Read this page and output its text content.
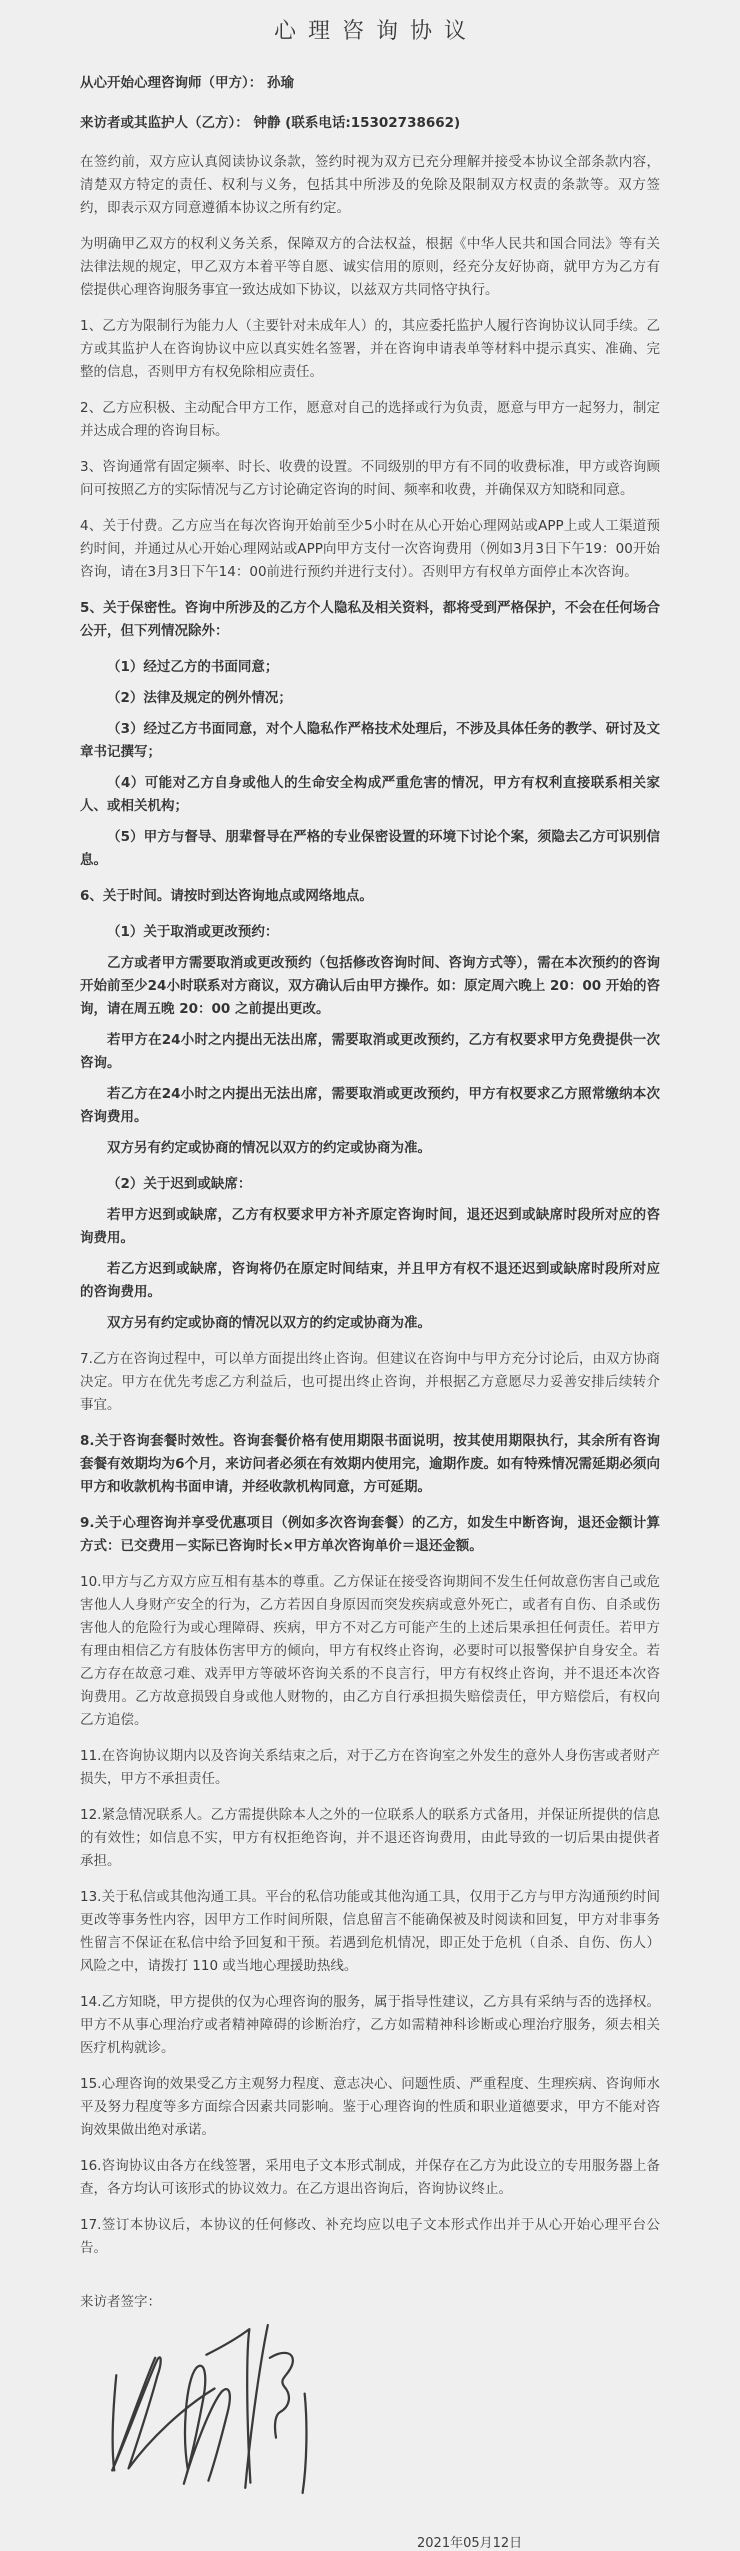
心理咨询协议
从心开始心理咨询师（甲方）： 孙瑜
来访者或其监护人（乙方）： 钟静 (联系电话:15302738662)
在签约前，双方应认真阅读协议条款，签约时视为双方已充分理解并接受本协议全部条款内容，清楚双方特定的责任、权利与义务，包括其中所涉及的免除及限制双方权责的条款等。双方签约，即表示双方同意遵循本协议之所有约定。
为明确甲乙双方的权利义务关系，保障双方的合法权益，根据《中华人民共和国合同法》等有关法律法规的规定，甲乙双方本着平等自愿、诚实信用的原则，经充分友好协商，就甲方为乙方有偿提供心理咨询服务事宜一致达成如下协议，以兹双方共同恪守执行。
1、乙方为限制行为能力人（主要针对未成年人）的，其应委托监护人履行咨询协议认同手续。乙方或其监护人在咨询协议中应以真实姓名签署，并在咨询申请表单等材料中提示真实、准确、完整的信息，否则甲方有权免除相应责任。
2、乙方应积极、主动配合甲方工作，愿意对自己的选择或行为负责，愿意与甲方一起努力，制定并达成合理的咨询目标。
3、咨询通常有固定频率、时长、收费的设置。不同级别的甲方有不同的收费标准，甲方或咨询顾问可按照乙方的实际情况与乙方讨论确定咨询的时间、频率和收费，并确保双方知晓和同意。
4、关于付费。乙方应当在每次咨询开始前至少5小时在从心开始心理网站或APP上或人工渠道预约时间，并通过从心开始心理网站或APP向甲方支付一次咨询费用（例如3月3日下午19：00开始咨询，请在3月3日下午14：00前进行预约并进行支付）。否则甲方有权单方面停止本次咨询。
5、关于保密性。咨询中所涉及的乙方个人隐私及相关资料，都将受到严格保护，不会在任何场合公开，但下列情况除外：
（1）经过乙方的书面同意；
（2）法律及规定的例外情况；
（3）经过乙方书面同意，对个人隐私作严格技术处理后，不涉及具体任务的教学、研讨及文章书记撰写；
（4）可能对乙方自身或他人的生命安全构成严重危害的情况，甲方有权利直接联系相关家人、或相关机构；
（5）甲方与督导、朋辈督导在严格的专业保密设置的环境下讨论个案，须隐去乙方可识别信息。
6、关于时间。请按时到达咨询地点或网络地点。
（1）关于取消或更改预约：
乙方或者甲方需要取消或更改预约（包括修改咨询时间、咨询方式等），需在本次预约的咨询开始前至少24小时联系对方商议，双方确认后由甲方操作。如：原定周六晚上 20：00 开始的咨询，请在周五晚 20：00 之前提出更改。
若甲方在24小时之内提出无法出席，需要取消或更改预约，乙方有权要求甲方免费提供一次咨询。
若乙方在24小时之内提出无法出席，需要取消或更改预约，甲方有权要求乙方照常缴纳本次咨询费用。
双方另有约定或协商的情况以双方的约定或协商为准。
（2）关于迟到或缺席：
若甲方迟到或缺席，乙方有权要求甲方补齐原定咨询时间，退还迟到或缺席时段所对应的咨询费用。
若乙方迟到或缺席，咨询将仍在原定时间结束，并且甲方有权不退还迟到或缺席时段所对应的咨询费用。
双方另有约定或协商的情况以双方的约定或协商为准。
7.乙方在咨询过程中，可以单方面提出终止咨询。但建议在咨询中与甲方充分讨论后，由双方协商决定。甲方在优先考虑乙方利益后，也可提出终止咨询，并根据乙方意愿尽力妥善安排后续转介事宜。
8.关于咨询套餐时效性。咨询套餐价格有使用期限书面说明，按其使用期限执行，其余所有咨询套餐有效期均为6个月，来访问者必须在有效期内使用完，逾期作废。如有特殊情况需延期必须向甲方和收款机构书面申请，并经收款机构同意，方可延期。
9.关于心理咨询并享受优惠项目（例如多次咨询套餐）的乙方，如发生中断咨询，退还金额计算方式：已交费用－实际已咨询时长×甲方单次咨询单价＝退还金额。
10.甲方与乙方双方应互相有基本的尊重。乙方保证在接受咨询期间不发生任何故意伤害自己或危害他人人身财产安全的行为，乙方若因自身原因而突发疾病或意外死亡，或者有自伤、自杀或伤害他人的危险行为或心理障碍、疾病，甲方不对乙方可能产生的上述后果承担任何责任。若甲方有理由相信乙方有肢体伤害甲方的倾向，甲方有权终止咨询，必要时可以报警保护自身安全。若乙方存在故意刁难、戏弄甲方等破坏咨询关系的不良言行，甲方有权终止咨询，并不退还本次咨询费用。乙方故意损毁自身或他人财物的，由乙方自行承担损失赔偿责任，甲方赔偿后，有权向乙方追偿。
11.在咨询协议期内以及咨询关系结束之后，对于乙方在咨询室之外发生的意外人身伤害或者财产损失，甲方不承担责任。
12.紧急情况联系人。乙方需提供除本人之外的一位联系人的联系方式备用，并保证所提供的信息的有效性；如信息不实，甲方有权拒绝咨询，并不退还咨询费用，由此导致的一切后果由提供者承担。
13.关于私信或其他沟通工具。平台的私信功能或其他沟通工具，仅用于乙方与甲方沟通预约时间更改等事务性内容，因甲方工作时间所限，信息留言不能确保被及时阅读和回复，甲方对非事务性留言不保证在私信中给予回复和干预。若遇到危机情况，即正处于危机（自杀、自伤、伤人）风险之中，请拨打 110 或当地心理援助热线。
14.乙方知晓，甲方提供的仅为心理咨询的服务，属于指导性建议，乙方具有采纳与否的选择权。甲方不从事心理治疗或者精神障碍的诊断治疗，乙方如需精神科诊断或心理治疗服务，须去相关医疗机构就诊。
15.心理咨询的效果受乙方主观努力程度、意志决心、问题性质、严重程度、生理疾病、咨询师水平及努力程度等多方面综合因素共同影响。鉴于心理咨询的性质和职业道德要求，甲方不能对咨询效果做出绝对承诺。
16.咨询协议由各方在线签署，采用电子文本形式制成，并保存在乙方为此设立的专用服务器上备查，各方均认可该形式的协议效力。在乙方退出咨询后，咨询协议终止。
17.签订本协议后，本协议的任何修改、补充均应以电子文本形式作出并于从心开始心理平台公告。
来访者签字：
2021年05月12日
